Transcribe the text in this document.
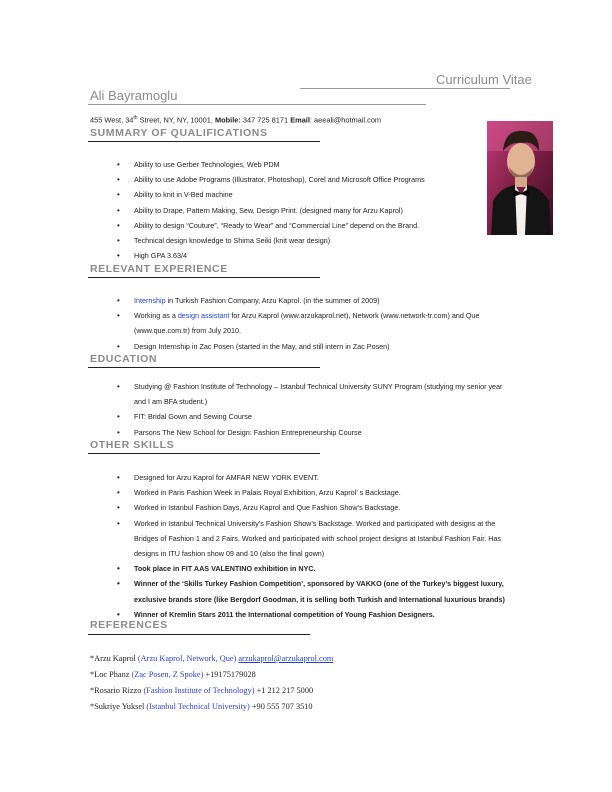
Curriculum Vitae
Ali Bayramoglu
455 West, 34th Street, NY, NY, 10001, Mobile: 347 725 8171 Email: aeeali@hotmail.com
SUMMARY OF QUALIFICATIONS
• Ability to use Gerber Technologies, Web PDM
• Ability to use Adobe Programs (Illustrator, Photoshop), Corel and Microsoft Office Programs
• Ability to knit in V-Bed machine
• Ability to Drape, Pattern Making, Sew, Design Print. (designed many for Arzu Kaprol)
• Ability to design “Couture”, “Ready to Wear” and “Commercial Line” depend on the Brand.
• Technical design knowledge to Shima Seiki (knit wear design)
• High GPA 3.63/4
RELEVANT EXPERIENCE
• Internship in Turkish Fashion Company, Arzu Kaprol. (in the summer of 2009)
• Working as a design assistant for Arzu Kaprol (www.arzukaprol.net), Network (www.network-tr.com) and Que
(www.que.com.tr) from July 2010.
• Design Internship in Zac Posen (started in the May, and still intern in Zac Posen)
EDUCATION
• Studying @ Fashion Institute of Technology – Istanbul Technical University SUNY Program (studying my senior year
and I am BFA student.)
• FIT: Bridal Gown and Sewing Course
• Parsons The New School for Design: Fashion Entrepreneurship Course
OTHER SKILLS
• Designed for Arzu Kaprol for AMFAR NEW YORK EVENT.
• Worked in Paris Fashion Week in Palais Royal Exhibition, Arzu Kaprol’ s Backstage.
• Worked in Istanbul Fashion Days, Arzu Kaprol and Que Fashion Show’s Backstage.
• Worked in Istanbul Technical University’s Fashion Show’s Backstage. Worked and participated with designs at the
Bridges of Fashion 1 and 2 Fairs. Worked and participated with school project designs at Istanbul Fashion Fair. Has
designs in ITU fashion show 09 and 10 (also the final gown)
• Took place in FIT AAS VALENTINO exhibition in NYC.
• Winner of the ‘Skills Turkey Fashion Competition’, sponsored by VAKKO (one of the Turkey’s biggest luxury,
exclusive brands store (like Bergdorf Goodman, it is selling both Turkish and International luxurious brands)
• Winner of Kremlin Stars 2011 the International competition of Young Fashion Designers.
REFERENCES
*Arzu Kaprol (Arzu Kaprol, Network, Que) arzukaprol@arzukaprol.com
*Loc Phanz (Zac Posen, Z Spoke) +19175179028
*Rosario Rizzo (Fashion Institute of Technology) +1 212 217 5000
*Sukriye Yuksel (Istanbul Technical University) +90 555 707 3510
